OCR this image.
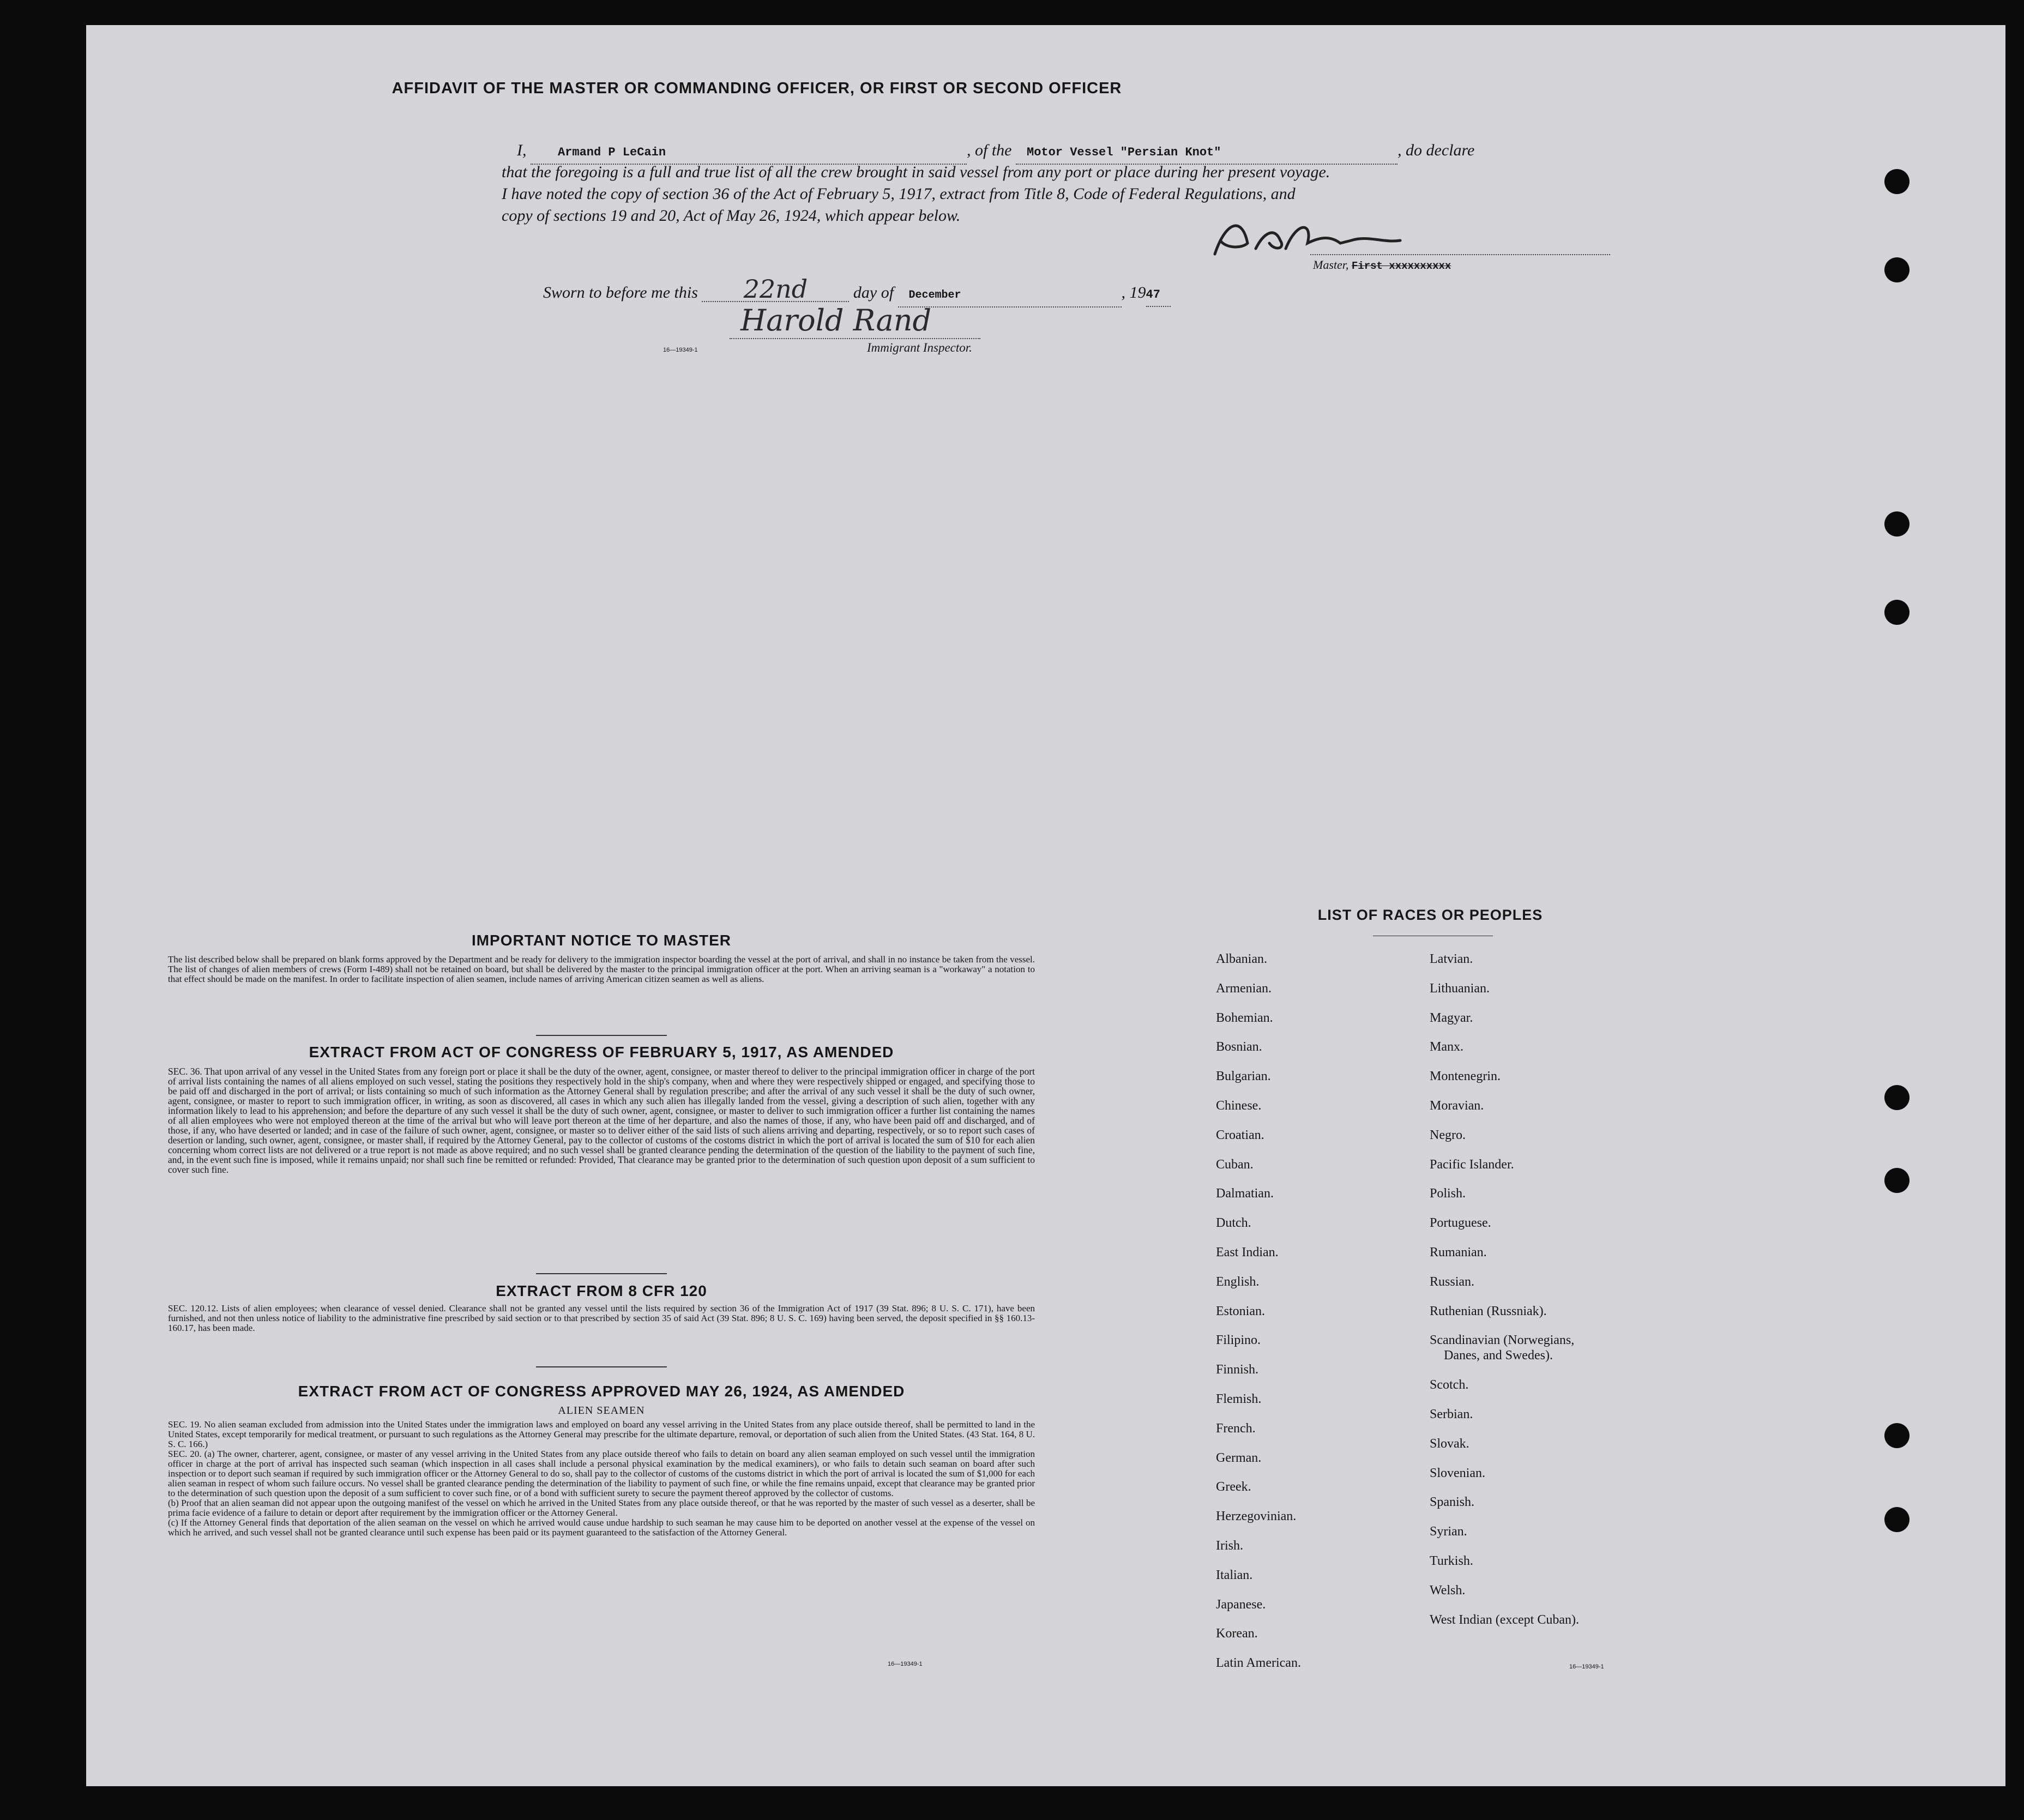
AFFIDAVIT OF THE MASTER OR COMMANDING OFFICER, OR FIRST OR SECOND OFFICER
I,	Armand P LeCain	, of the Motor Vessel "Persian Knot"	, do declare
that the foregoing is a full and true list of all the crew brought in said vessel from any port or place during her present voyage.
I have noted the copy of section 36 of the Act of February 5, 1917, extract from Title 8, Code of Federal Regulations, and
copy of sections 19 and 20, Act of May 26, 1924, which appear below.
Master, First xxxxxxxxxx
Sworn to before me this 22nd	day of December	, 1947
Harold Rand
16—19349-1	Immigrant Inspector.
IMPORTANT NOTICE TO MASTER
The list described below shall be prepared on blank forms approved by the Department and be ready for delivery to the immigration inspector boarding the vessel at the port of arrival, and shall in no instance be taken from the vessel. The list of changes of alien members of crews (Form I-489) shall not be retained on board, but shall be delivered by the master to the principal immigration officer at the port. When an arriving seaman is a "workaway" a notation to that effect should be made on the manifest. In order to facilitate inspection of alien seamen, include names of arriving American citizen seamen as well as aliens.
EXTRACT FROM ACT OF CONGRESS OF FEBRUARY 5, 1917, AS AMENDED
SEC. 36. That upon arrival of any vessel in the United States from any foreign port or place it shall be the duty of the owner, agent, consignee, or master thereof to deliver to the principal immigration officer in charge of the port of arrival lists containing the names of all aliens employed on such vessel, stating the positions they respectively hold in the ship's company, when and where they were respectively shipped or engaged, and specifying those to be paid off and discharged in the port of arrival; or lists containing so much of such information as the Attorney General shall by regulation prescribe; and after the arrival of any such vessel it shall be the duty of such owner, agent, consignee, or master to report to such immigration officer, in writing, as soon as discovered, all cases in which any such alien has illegally landed from the vessel, giving a description of such alien, together with any information likely to lead to his apprehension; and before the departure of any such vessel it shall be the duty of such owner, agent, consignee, or master to deliver to such immigration officer a further list containing the names of all alien employees who were not employed thereon at the time of the arrival but who will leave port thereon at the time of her departure, and also the names of those, if any, who have been paid off and discharged, and of those, if any, who have deserted or landed; and in case of the failure of such owner, agent, consignee, or master so to deliver either of the said lists of such aliens arriving and departing, respectively, or so to report such cases of desertion or landing, such owner, agent, consignee, or master shall, if required by the Attorney General, pay to the collector of customs of the costoms district in which the port of arrival is located the sum of $10 for each alien concerning whom correct lists are not delivered or a true report is not made as above required; and no such vessel shall be granted clearance pending the determination of the question of the liability to the payment of such fine, and, in the event such fine is imposed, while it remains unpaid; nor shall such fine be remitted or refunded: Provided, That clearance may be granted prior to the determination of such question upon deposit of a sum sufficient to cover such fine.
EXTRACT FROM 8 CFR 120
SEC. 120.12. Lists of alien employees; when clearance of vessel denied. Clearance shall not be granted any vessel until the lists required by section 36 of the Immigration Act of 1917 (39 Stat. 896; 8 U. S. C. 171), have been furnished, and not then unless notice of liability to the administrative fine prescribed by said section or to that prescribed by section 35 of said Act (39 Stat. 896; 8 U. S. C. 169) having been served, the deposit specified in §§ 160.13-160.17, has been made.
EXTRACT FROM ACT OF CONGRESS APPROVED MAY 26, 1924, AS AMENDED
ALIEN SEAMEN
SEC. 19. No alien seaman excluded from admission into the United States under the immigration laws and employed on board any vessel arriving in the United States from any place outside thereof, shall be permitted to land in the United States, except temporarily for medical treatment, or pursuant to such regulations as the Attorney General may prescribe for the ultimate departure, removal, or deportation of such alien from the United States. (43 Stat. 164, 8 U. S. C. 166.)
SEC. 20. (a) The owner, charterer, agent, consignee, or master of any vessel arriving in the United States from any place outside thereof who fails to detain on board any alien seaman employed on such vessel until the immigration officer in charge at the port of arrival has inspected such seaman (which inspection in all cases shall include a personal physical examination by the medical examiners), or who fails to detain such seaman on board after such inspection or to deport such seaman if required by such immigration officer or the Attorney General to do so, shall pay to the collector of customs of the customs district in which the port of arrival is located the sum of $1,000 for each alien seaman in respect of whom such failure occurs. No vessel shall be granted clearance pending the determination of the liability to payment of such fine, or while the fine remains unpaid, except that clearance may be granted prior to the determination of such question upon the deposit of a sum sufficient to cover such fine, or of a bond with sufficient surety to secure the payment thereof approved by the collector of customs.
(b) Proof that an alien seaman did not appear upon the outgoing manifest of the vessel on which he arrived in the United States from any place outside thereof, or that he was reported by the master of such vessel as a deserter, shall be prima facie evidence of a failure to detain or deport after requirement by the immigration officer or the Attorney General.
(c) If the Attorney General finds that deportation of the alien seaman on the vessel on which he arrived would cause undue hardship to such seaman he may cause him to be deported on another vessel at the expense of the vessel on which he arrived, and such vessel shall not be granted clearance until such expense has been paid or its payment guaranteed to the satisfaction of the Attorney General.
16—19349-1
LIST OF RACES OR PEOPLES
16—19349-1
Albanian.
Armenian.
Bohemian.
Bosnian.
Bulgarian.
Chinese.
Croatian.
Cuban.
Dalmatian.
Dutch.
East Indian.
English.
Estonian.
Filipino.
Finnish.
Flemish.
French.
German.
Greek.
Herzegovinian.
Irish.
Italian.
Japanese.
Korean.
Latin American.
Latvian.
Lithuanian.
Magyar.
Manx.
Montenegrin.
Moravian.
Negro.
Pacific Islander.
Polish.
Portuguese.
Rumanian.
Russian.
Ruthenian (Russniak).
Scandinavian (Norwegians,
Danes, and Swedes).
Scotch.
Serbian.
Slovak.
Slovenian.
Spanish.
Syrian.
Turkish.
Welsh.
West Indian (except Cuban).
